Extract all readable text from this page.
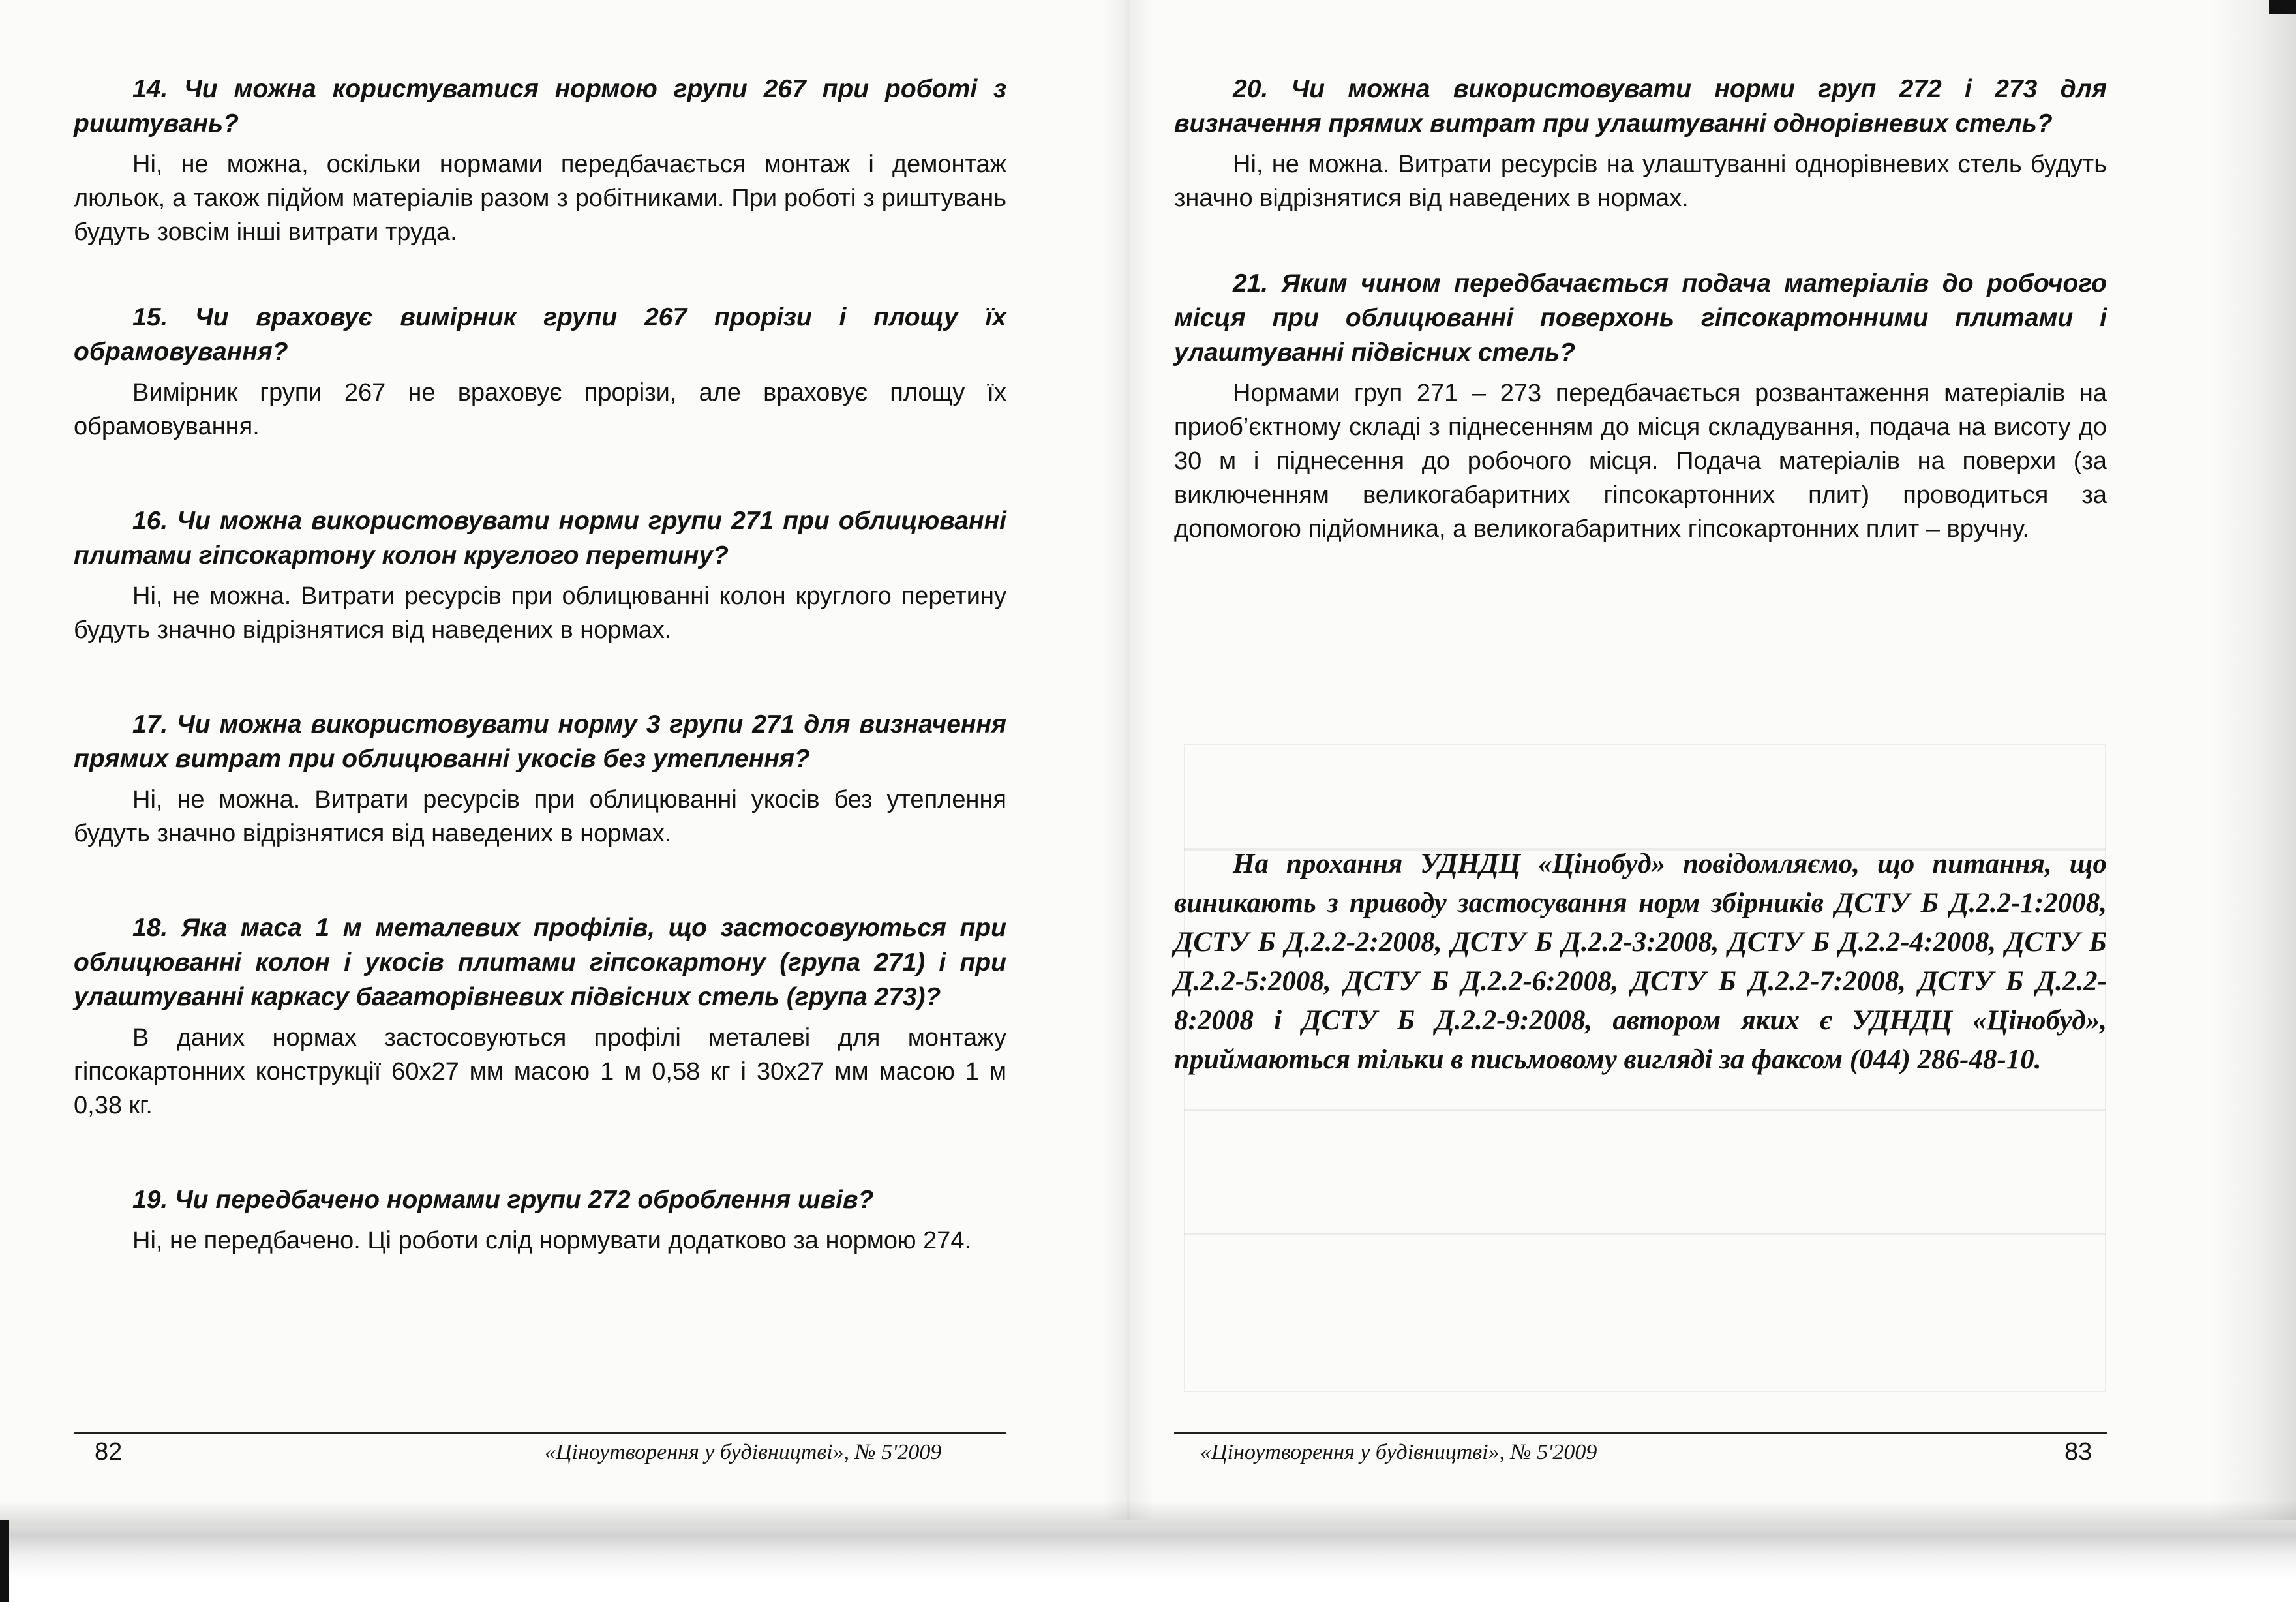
14. Чи можна користуватися нормою групи 267 при роботі з риштувань?

Ні, не можна, оскільки нормами передбачається монтаж і демонтаж люльок, а також підйом матеріалів разом з робітниками. При роботі з риштувань будуть зовсім інші витрати труда.

15. Чи враховує вимірник групи 267 прорізи і площу їх обрамовування?

Вимірник групи 267 не враховує прорізи, але враховує площу їх обрамовування.

16. Чи можна використовувати норми групи 271 при облицюванні плитами гіпсокартону колон круглого перетину?

Ні, не можна. Витрати ресурсів при облицюванні колон круглого перетину будуть значно відрізнятися від наведених в нормах.

17. Чи можна використовувати норму 3 групи 271 для визначення прямих витрат при облицюванні укосів без утеплення?

Ні, не можна. Витрати ресурсів при облицюванні укосів без утеплення будуть значно відрізнятися від наведених в нормах.

18. Яка маса 1 м металевих профілів, що застосовуються при облицюванні колон і укосів плитами гіпсокартону (група 271) і при улаштуванні каркасу багаторівневих підвісних стель (група 273)?

В даних нормах застосовуються профілі металеві для монтажу гіпсокартонних конструкції 60х27 мм масою 1 м 0,58 кг і 30х27 мм масою 1 м 0,38 кг.

19. Чи передбачено нормами групи 272 оброблення швів?

Ні, не передбачено. Ці роботи слід нормувати додатково за нормою 274.

20. Чи можна використовувати норми груп 272 і 273 для визначення прямих витрат при улаштуванні однорівневих стель?

Ні, не можна. Витрати ресурсів на улаштуванні однорівневих стель будуть значно відрізнятися від наведених в нормах.

21. Яким чином передбачається подача матеріалів до робочого місця при облицюванні поверхонь гіпсокартонними плитами і улаштуванні підвісних стель?

Нормами груп 271 – 273 передбачається розвантаження матеріалів на приоб’єктному складі з піднесенням до місця складування, подача на висоту до 30 м і піднесення до робочого місця. Подача матеріалів на поверхи (за виключенням великогабаритних гіпсокартонних плит) проводиться за допомогою підйомника, а великогабаритних гіпсокартонних плит – вручну.

На прохання УДНДЦ «Цінобуд» повідомляємо, що питання, що виникають з приводу застосування норм збірників ДСТУ Б Д.2.2-1:2008, ДСТУ Б Д.2.2-2:2008, ДСТУ Б Д.2.2-3:2008, ДСТУ Б Д.2.2-4:2008, ДСТУ Б Д.2.2-5:2008, ДСТУ Б Д.2.2-6:2008, ДСТУ Б Д.2.2-7:2008, ДСТУ Б Д.2.2-8:2008 і ДСТУ Б Д.2.2-9:2008, автором яких є УДНДЦ «Цінобуд», приймаються тільки в письмовому вигляді за факсом (044) 286-48-10.

82	«Ціноутворення у будівництві», № 5'2009	«Ціноутворення у будівництві», № 5'2009	83
